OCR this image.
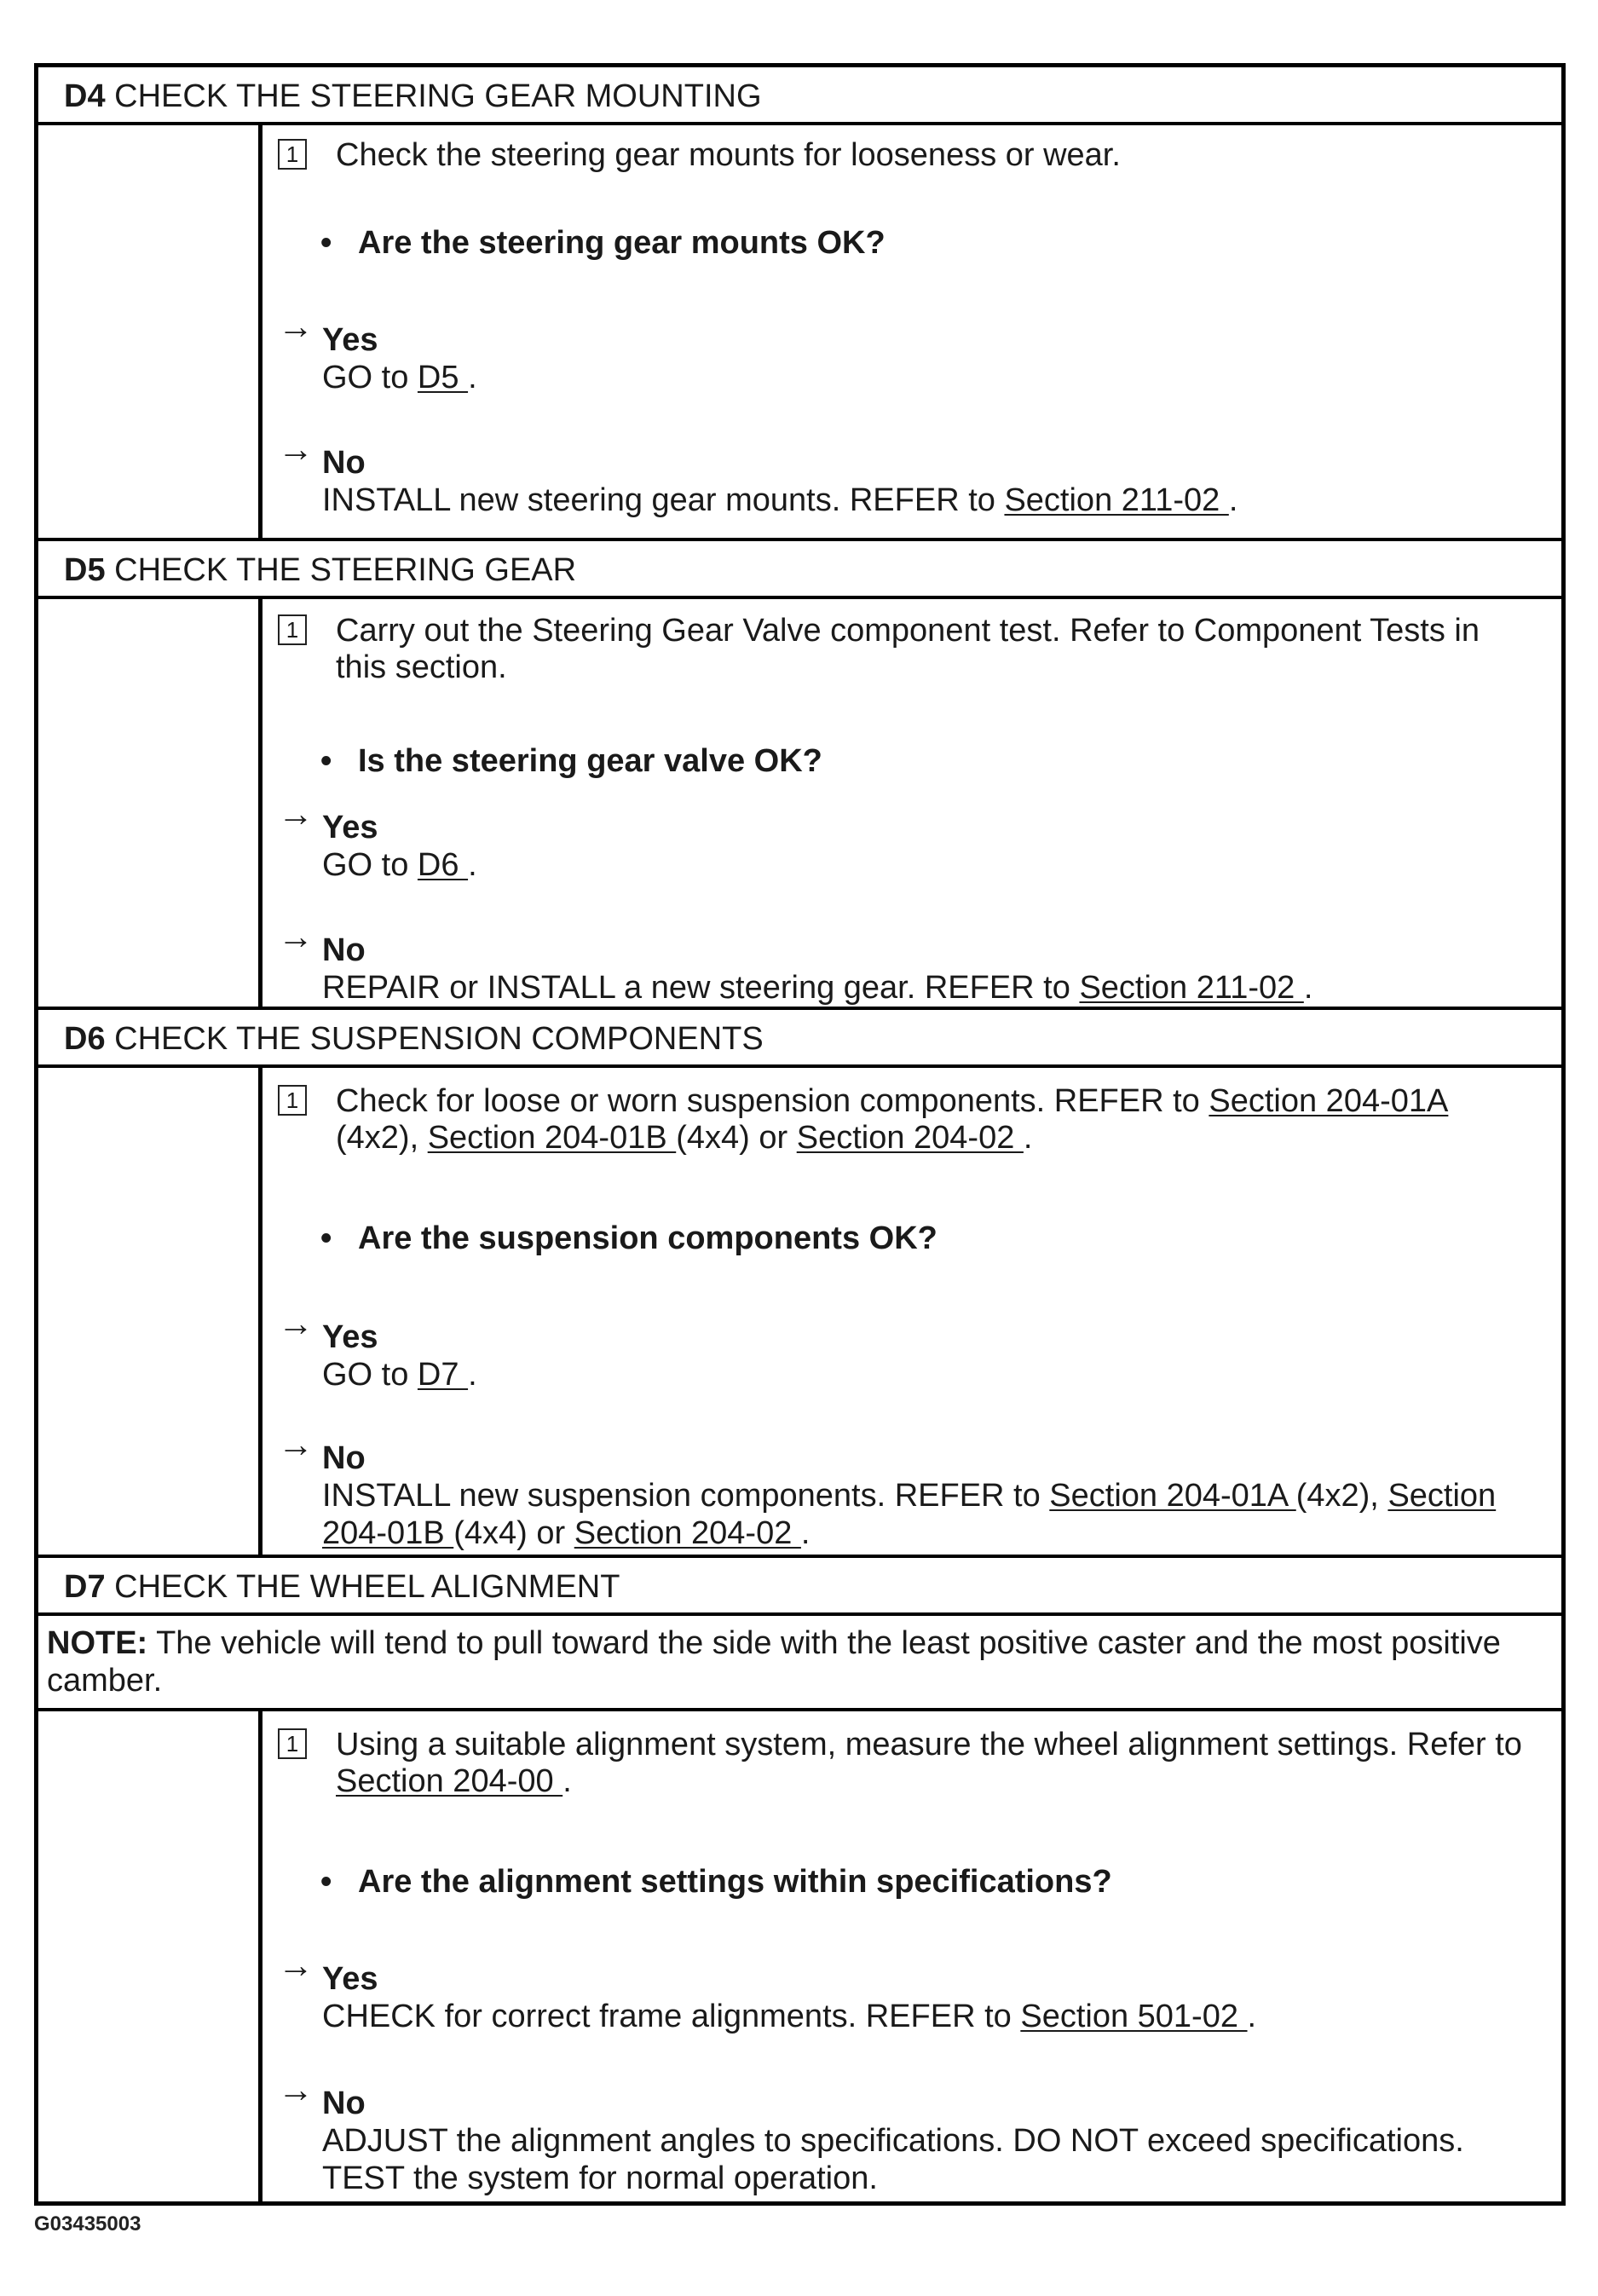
D4 CHECK THE STEERING GEAR MOUNTING
1 Check the steering gear mounts for looseness or wear.
• Are the steering gear mounts OK?
→ Yes
GO to D5 .
→ No
INSTALL new steering gear mounts. REFER to Section 211-02 .
D5 CHECK THE STEERING GEAR
1 Carry out the Steering Gear Valve component test. Refer to Component Tests in
this section.
• Is the steering gear valve OK?
→ Yes
GO to D6 .
→ No
REPAIR or INSTALL a new steering gear. REFER to Section 211-02 .
D6 CHECK THE SUSPENSION COMPONENTS
1 Check for loose or worn suspension components. REFER to Section 204-01A
(4x2), Section 204-01B (4x4) or Section 204-02 .
• Are the suspension components OK?
→ Yes
GO to D7 .
→ No
INSTALL new suspension components. REFER to Section 204-01A (4x2), Section
204-01B (4x4) or Section 204-02 .
D7 CHECK THE WHEEL ALIGNMENT
NOTE: The vehicle will tend to pull toward the side with the least positive caster and the most positive camber.
1 Using a suitable alignment system, measure the wheel alignment settings. Refer to
Section 204-00 .
• Are the alignment settings within specifications?
→ Yes
CHECK for correct frame alignments. REFER to Section 501-02 .
→ No
ADJUST the alignment angles to specifications. DO NOT exceed specifications.
TEST the system for normal operation.
G03435003
